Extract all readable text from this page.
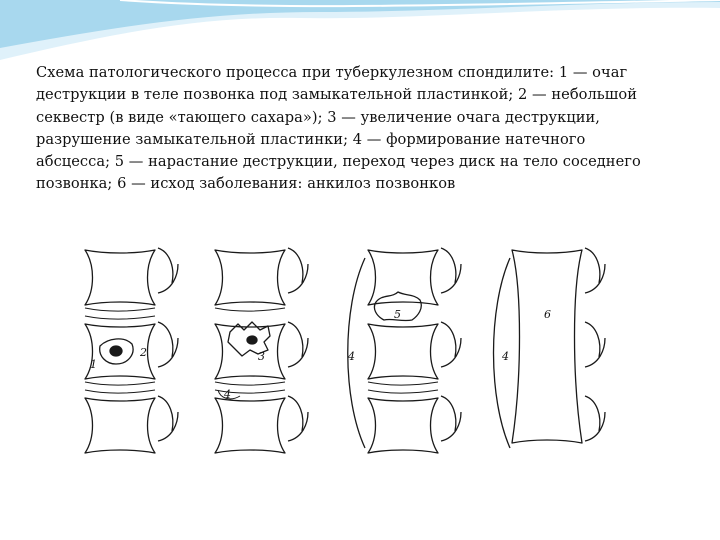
Схема патологического процесса при туберкулезном спондилите: 1 — очаг
деструкции в теле позвонка под замыкательной пластинкой; 2 — небольшой
секвестр (в виде «тающего сахара»); 3 — увеличение очага деструкции,
разрушение замыкательной пластинки; 4 — формирование натечного
абсцесса; 5 — нарастание деструкции, переход через диск на тело соседнего
позвонка; 6 — исход заболевания: анкилоз позвонков
1
2	3
4
4
5
4
6
